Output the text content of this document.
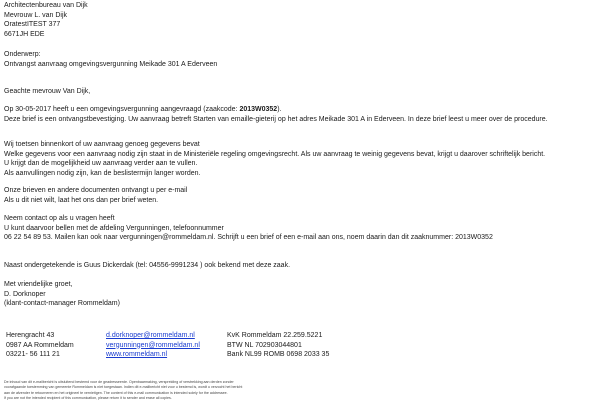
Architectenbureau van Dijk
Mevrouw L. van Dijk
OratestITEST 377
6671JH EDE
Onderwerp:
Ontvangst aanvraag omgevingsvergunning Meikade 301 A Ederveen
Geachte mevrouw Van Dijk,
Op 30-05-2017 heeft u een omgevingsvergunning aangevraagd (zaakcode: 2013W0352).
Deze brief is een ontvangstbevestiging. Uw aanvraag betreft Starten van emaille-gieterij op het adres Meikade 301 A in Ederveen. In deze brief leest u meer over de procedure.
Wij toetsen binnenkort of uw aanvraag genoeg gegevens bevat
Welke gegevens voor een aanvraag nodig zijn staat in de Ministeriële regeling omgevingsrecht. Als uw aanvraag te weinig gegevens bevat, krijgt u daarover schriftelijk bericht.
U krijgt dan de mogelijkheid uw aanvraag verder aan te vullen.
Als aanvullingen nodig zijn, kan de beslistermijn langer worden.
Onze brieven en andere documenten ontvangt u per e-mail
Als u dit niet wilt, laat het ons dan per brief weten.
Neem contact op als u vragen heeft
U kunt daarvoor bellen met de afdeling Vergunningen, telefoonnummer
06 22 54 89 53. Mailen kan ook naar vergunningen@rommeldam.nl. Schrijft u een brief of een e-mail aan ons, noem daarin dan dit zaaknummer: 2013W0352
Naast ondergetekende is Guus Dickerdak (tel: 04556-9991234 ) ook bekend met deze zaak.
Met vriendelijke groet,
D. Dorknoper
(klant-contact-manager Rommeldam)
Herengracht 43
0987 AA Rommeldam
03221- 56 111 21
d.dorknoper@rommeldam.nl
vergunningen@rommeldam.nl
www.rommeldam.nl
KvK Rommeldam 22.259.5221
BTW NL 702903044801
Bank NL99 ROMB 0698 2033 35
De inhoud van dit e-mailbericht is uitsluitend bestemd voor de geadresseerde. Openbaarmaking, verspreiding of verstrekking aan derden zonder
voorafgaande toestemming van gemeente Rommeldam is niet toegestaan. Indien dit e-mailbericht niet voor u bestemd is, wordt u verzocht het bericht
aan de afzender te retourneren en het origineel te vernietigen. The content of this e-mail communication is intended solely for the addressee.
If you are not the intended recipient of this communication, please return it to sender and erase all copies.
